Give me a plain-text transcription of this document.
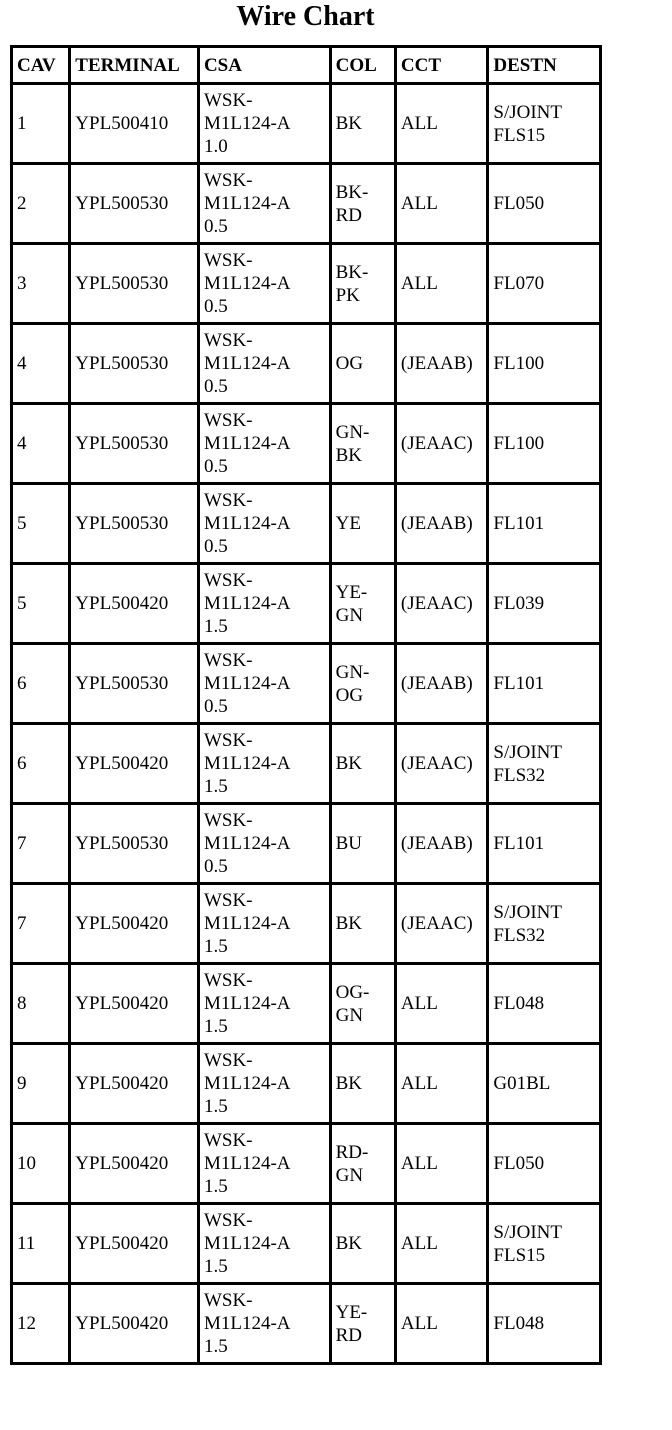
Wire Chart
CAV	TERMINAL	CSA	COL	CCT	DESTN
1	YPL500410	WSK-
M1L124-A
1.0	BK	ALL	S/JOINT
FLS15

2	YPL500530	WSK-
M1L124-A
0.5	BK-
RD	ALL	FL050

3	YPL500530	WSK-
M1L124-A
0.5	BK-
PK	ALL	FL070

4	YPL500530	WSK-
M1L124-A
0.5	OG	(JEAAB)	FL100

4	YPL500530	WSK-
M1L124-A
0.5	GN-
BK	(JEAAC)	FL100

5	YPL500530	WSK-
M1L124-A
0.5	YE	(JEAAB)	FL101

5	YPL500420	WSK-
M1L124-A
1.5	YE-
GN	(JEAAC)	FL039

6	YPL500530	WSK-
M1L124-A
0.5	GN-
OG	(JEAAB)	FL101

6	YPL500420	WSK-
M1L124-A
1.5	BK	(JEAAC)	S/JOINT
FLS32

7	YPL500530	WSK-
M1L124-A
0.5	BU	(JEAAB)	FL101

7	YPL500420	WSK-
M1L124-A
1.5	BK	(JEAAC)	S/JOINT
FLS32

8	YPL500420	WSK-
M1L124-A
1.5	OG-
GN	ALL	FL048

9	YPL500420	WSK-
M1L124-A
1.5	BK	ALL	G01BL

10	YPL500420	WSK-
M1L124-A
1.5	RD-
GN	ALL	FL050

11	YPL500420	WSK-
M1L124-A
1.5	BK	ALL	S/JOINT
FLS15

12	YPL500420	WSK-
M1L124-A
1.5	YE-
RD	ALL	FL048
